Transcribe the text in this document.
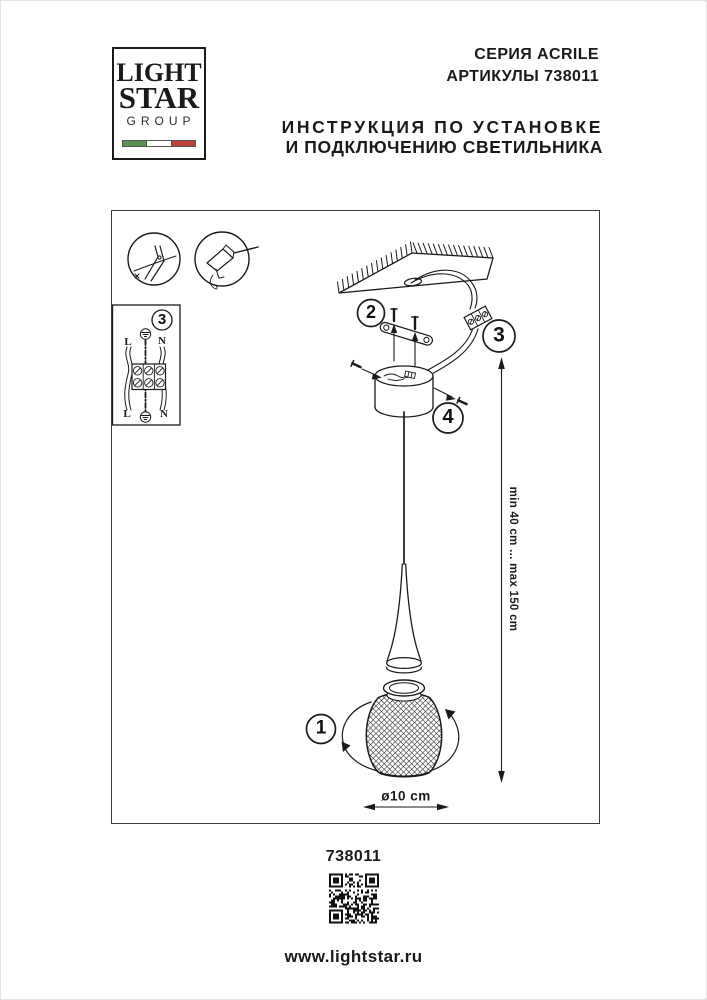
LIGHT
STAR
GROUP
СЕРИЯ ACRILE
АРТИКУЛЫ 738011
ИНСТРУКЦИЯ ПО УСТАНОВКЕ
И ПОДКЛЮЧЕНИЮ СВЕТИЛЬНИКА
2
3
4
1
3
L N
L	N
min 40 cm ... max 150 cm
ø10 cm
738011
www.lightstar.ru
